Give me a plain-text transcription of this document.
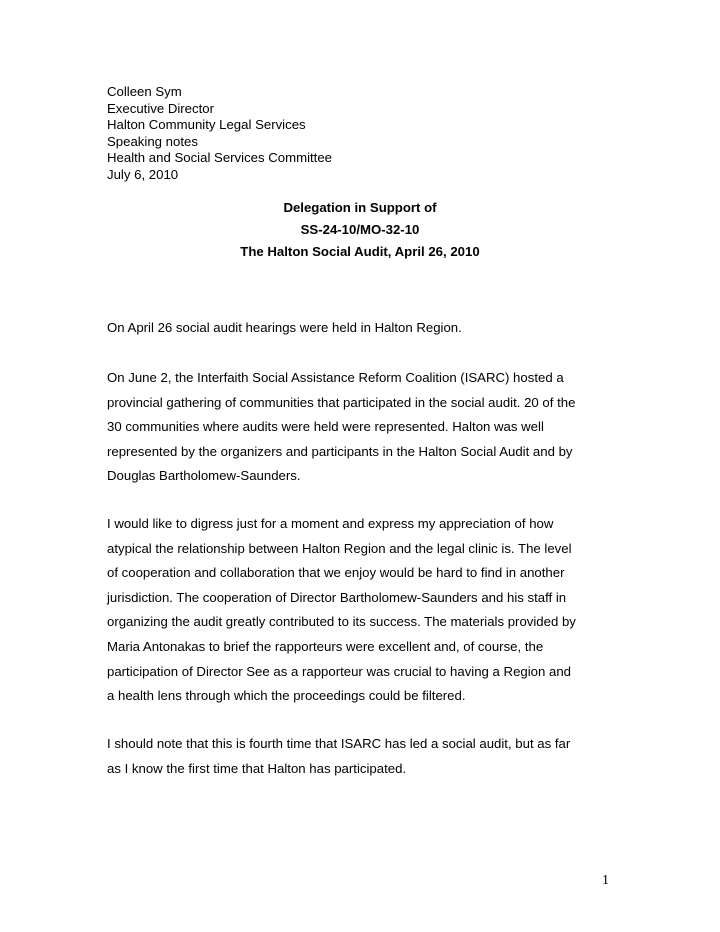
Colleen Sym
Executive Director
Halton Community Legal Services
Speaking notes
Health and Social Services Committee
July 6, 2010
Delegation in Support of
SS-24-10/MO-32-10
The Halton Social Audit, April 26, 2010
On April 26 social audit hearings were held in Halton Region.
On June 2, the Interfaith Social Assistance Reform Coalition (ISARC) hosted a
provincial gathering of communities that participated in the social audit. 20 of the
30 communities where audits were held were represented. Halton was well
represented by the organizers and participants in the Halton Social Audit and by
Douglas Bartholomew-Saunders.
I would like to digress just for a moment and express my appreciation of how
atypical the relationship between Halton Region and the legal clinic is. The level
of cooperation and collaboration that we enjoy would be hard to find in another
jurisdiction. The cooperation of Director Bartholomew-Saunders and his staff in
organizing the audit greatly contributed to its success. The materials provided by
Maria Antonakas to brief the rapporteurs were excellent and, of course, the
participation of Director See as a rapporteur was crucial to having a Region and
a health lens through which the proceedings could be filtered.
I should note that this is fourth time that ISARC has led a social audit, but as far
as I know the first time that Halton has participated.
1
